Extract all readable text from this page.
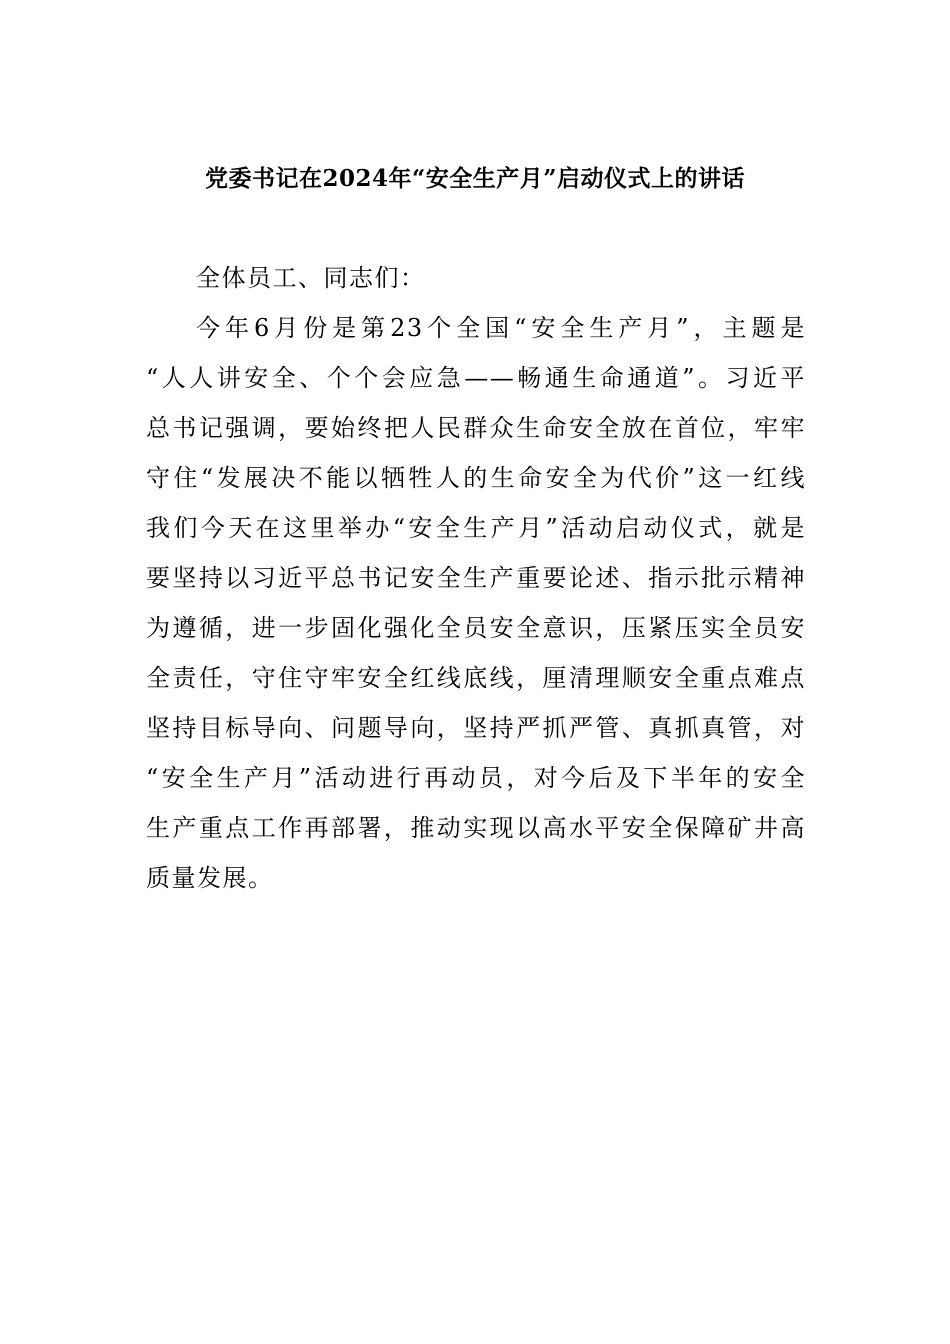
党委书记在2024年“安全生产月”启动仪式上的讲话
全体员工、同志们：
今年6月份是第23个全国“安全生产月”，主题是
“人人讲安全、个个会应急——畅通生命通道”。习近平
总书记强调，要始终把人民群众生命安全放在首位，牢牢
守住“发展决不能以牺牲人的生命安全为代价”这一红线
我们今天在这里举办“安全生产月”活动启动仪式，就是
要坚持以习近平总书记安全生产重要论述、指示批示精神
为遵循，进一步固化强化全员安全意识，压紧压实全员安
全责任，守住守牢安全红线底线，厘清理顺安全重点难点
坚持目标导向、问题导向，坚持严抓严管、真抓真管，对
“安全生产月”活动进行再动员，对今后及下半年的安全
生产重点工作再部署，推动实现以高水平安全保障矿井高
质量发展。
